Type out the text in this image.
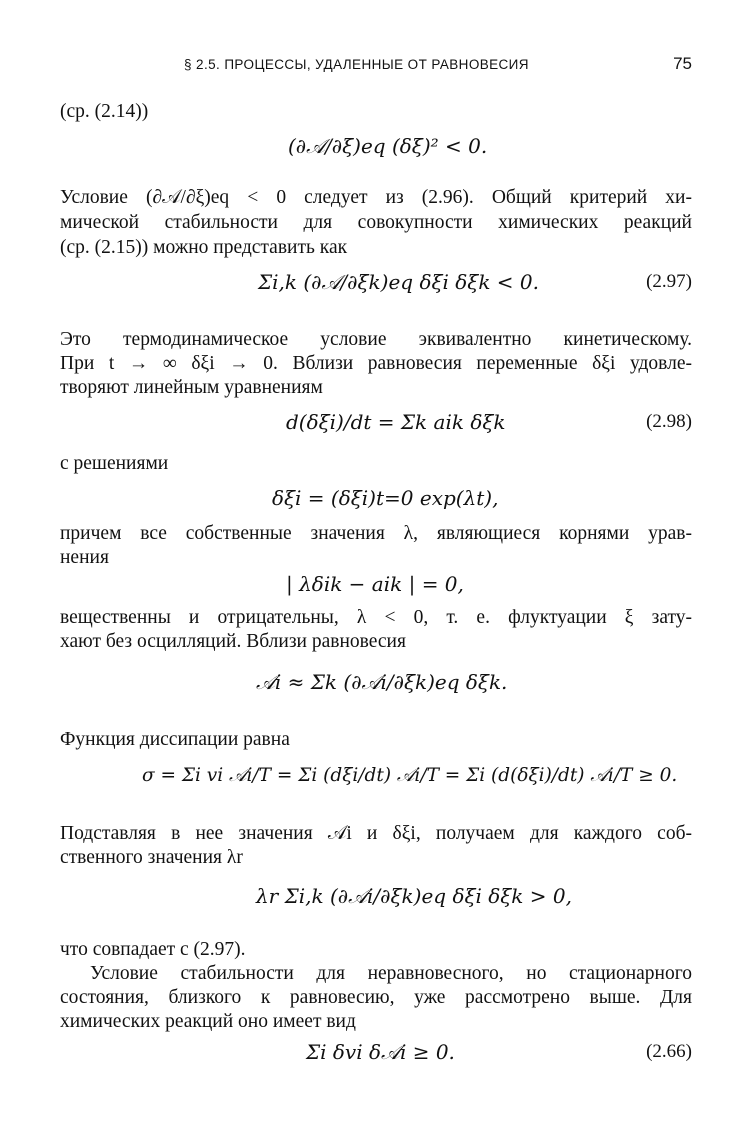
§ 2.5. ПРОЦЕССЫ, УДАЛЕННЫЕ ОТ РАВНОВЕСИЯ	75
(ср. (2.14))
(∂𝒜/∂ξ)eq (δξ)² < 0.
Условие (∂𝒜/∂ξ)eq < 0 следует из (2.96). Общий критерий хи-
мической стабильности для совокупности химических реакций
(ср. (2.15)) можно представить как
Σi,k (∂𝒜/∂ξk)eq δξi δξk < 0.	(2.97)
Это термодинамическое условие эквивалентно кинетическому.
При t → ∞ δξi → 0. Вблизи равновесия переменные δξi удовле-
творяют линейным уравнениям
d(δξi)/dt = Σk aik δξk	(2.98)
с решениями
δξi = (δξi)t=0 exp(λt),
причем все собственные значения λ, являющиеся корнями урав-
нения
| λδik − aik | = 0,
вещественны и отрицательны, λ < 0, т. е. флуктуации ξ зату-
хают без осцилляций. Вблизи равновесия
𝒜i ≈ Σk (∂𝒜i/∂ξk)eq δξk.
Функция диссипации равна
σ = Σi vi 𝒜i/T = Σi (dξi/dt) 𝒜i/T = Σi (d(δξi)/dt) 𝒜i/T ≥ 0.
Подставляя в нее значения 𝒜i и δξi, получаем для каждого соб-
ственного значения λr
λr Σi,k (∂𝒜i/∂ξk)eq δξi δξk > 0,
что совпадает с (2.97).
Условие стабильности для неравновесного, но стационарного
состояния, близкого к равновесию, уже рассмотрено выше. Для
химических реакций оно имеет вид
Σi δvi δ𝒜i ≥ 0.	(2.66)
